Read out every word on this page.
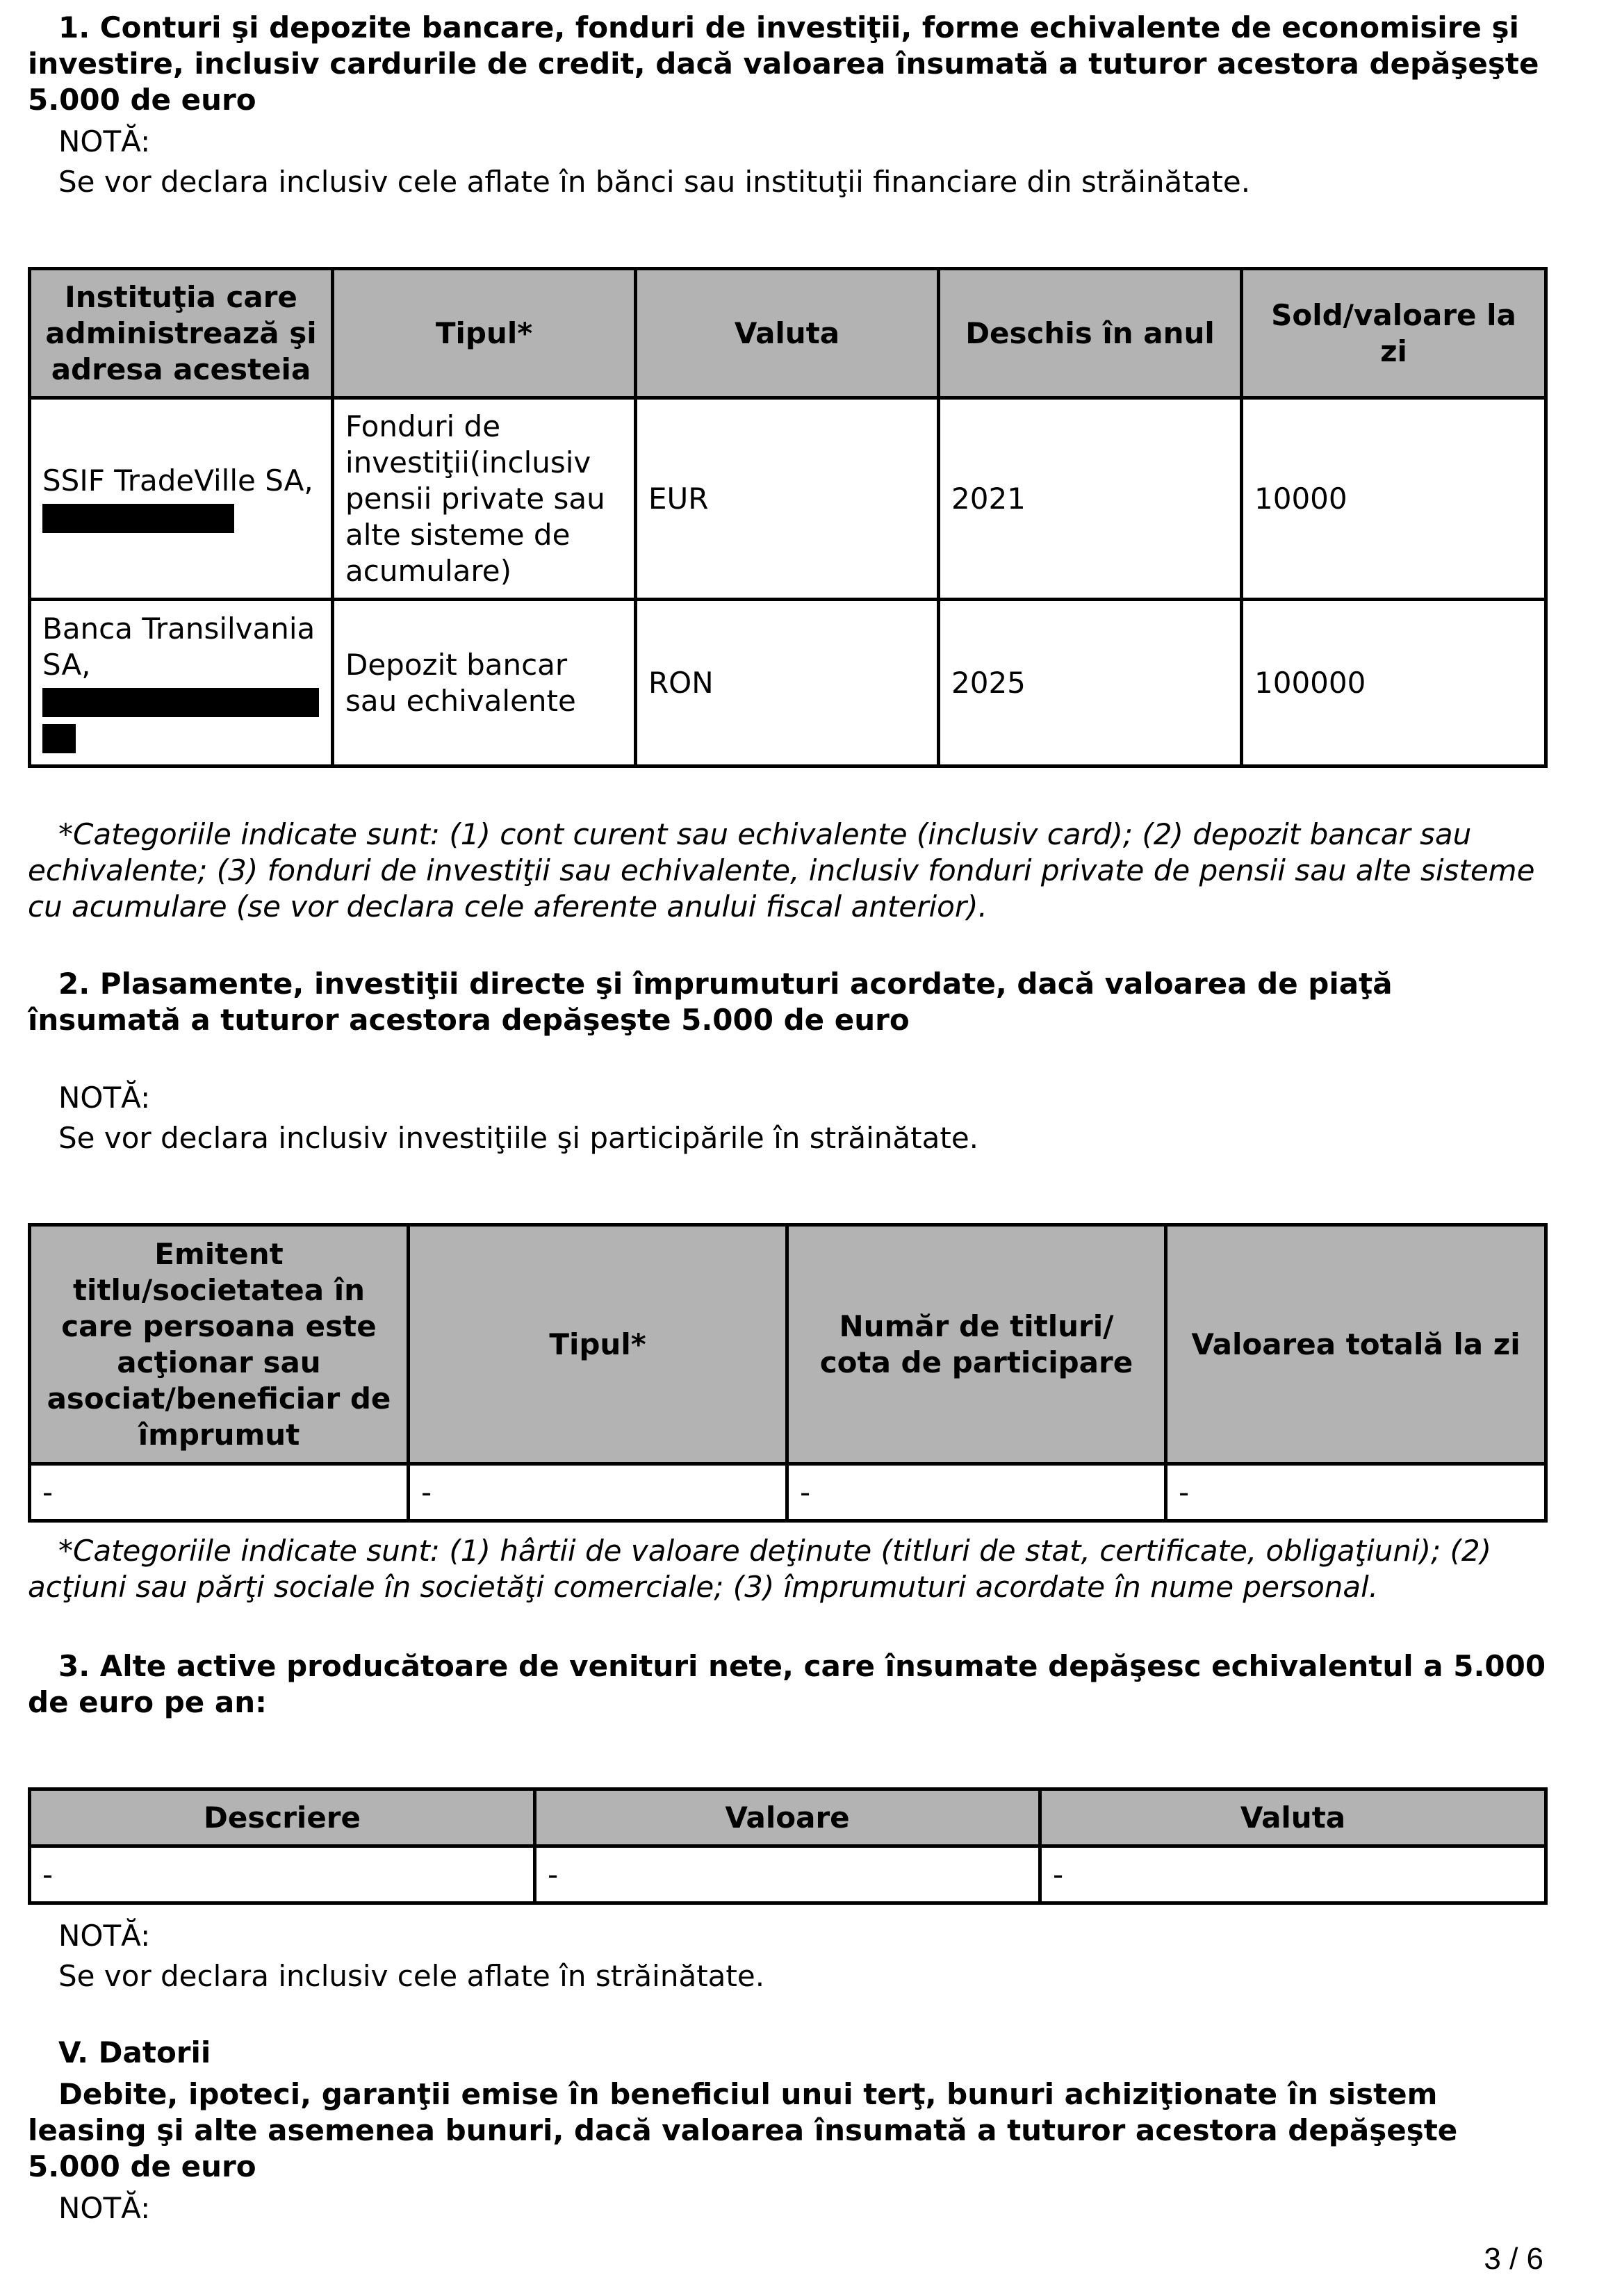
1. Conturi şi depozite bancare, fonduri de investiţii, forme echivalente de economisire şi investire, inclusiv cardurile de credit, dacă valoarea însumată a tuturor acestora depăşeşte 5.000 de euro

NOTĂ:

Se vor declara inclusiv cele aflate în bănci sau instituţii financiare din străinătate.

Instituţia care administrează şi adresa acesteia	Tipul*	Valuta	Deschis în anul	Sold/valoare la zi
SSIF TradeVille SA,	Fonduri de investiţii(inclusiv pensii private sau alte sisteme de acumulare)	EUR	2021	10000
Banca Transilvania SA,	Depozit bancar sau echivalente	RON	2025	100000

*Categoriile indicate sunt: (1) cont curent sau echivalente (inclusiv card); (2) depozit bancar sau echivalente; (3) fonduri de investiţii sau echivalente, inclusiv fonduri private de pensii sau alte sisteme cu acumulare (se vor declara cele aferente anului fiscal anterior).

2. Plasamente, investiţii directe şi împrumuturi acordate, dacă valoarea de piaţă însumată a tuturor acestora depăşeşte 5.000 de euro

NOTĂ:

Se vor declara inclusiv investiţiile şi participările în străinătate.

Emitent titlu/societatea în care persoana este acţionar sau asociat/beneficiar de împrumut	Tipul*	Număr de titluri/ cota de participare	Valoarea totală la zi
-	-	-	-

*Categoriile indicate sunt: (1) hârtii de valoare deţinute (titluri de stat, certificate, obligaţiuni); (2) acţiuni sau părţi sociale în societăţi comerciale; (3) împrumuturi acordate în nume personal.

3. Alte active producătoare de venituri nete, care însumate depăşesc echivalentul a 5.000 de euro pe an:

Descriere	Valoare	Valuta
-	-	-

NOTĂ:

Se vor declara inclusiv cele aflate în străinătate.

V. Datorii

Debite, ipoteci, garanţii emise în beneficiul unui terţ, bunuri achiziţionate în sistem leasing şi alte asemenea bunuri, dacă valoarea însumată a tuturor acestora depăşeşte 5.000 de euro

NOTĂ:

3 / 6
